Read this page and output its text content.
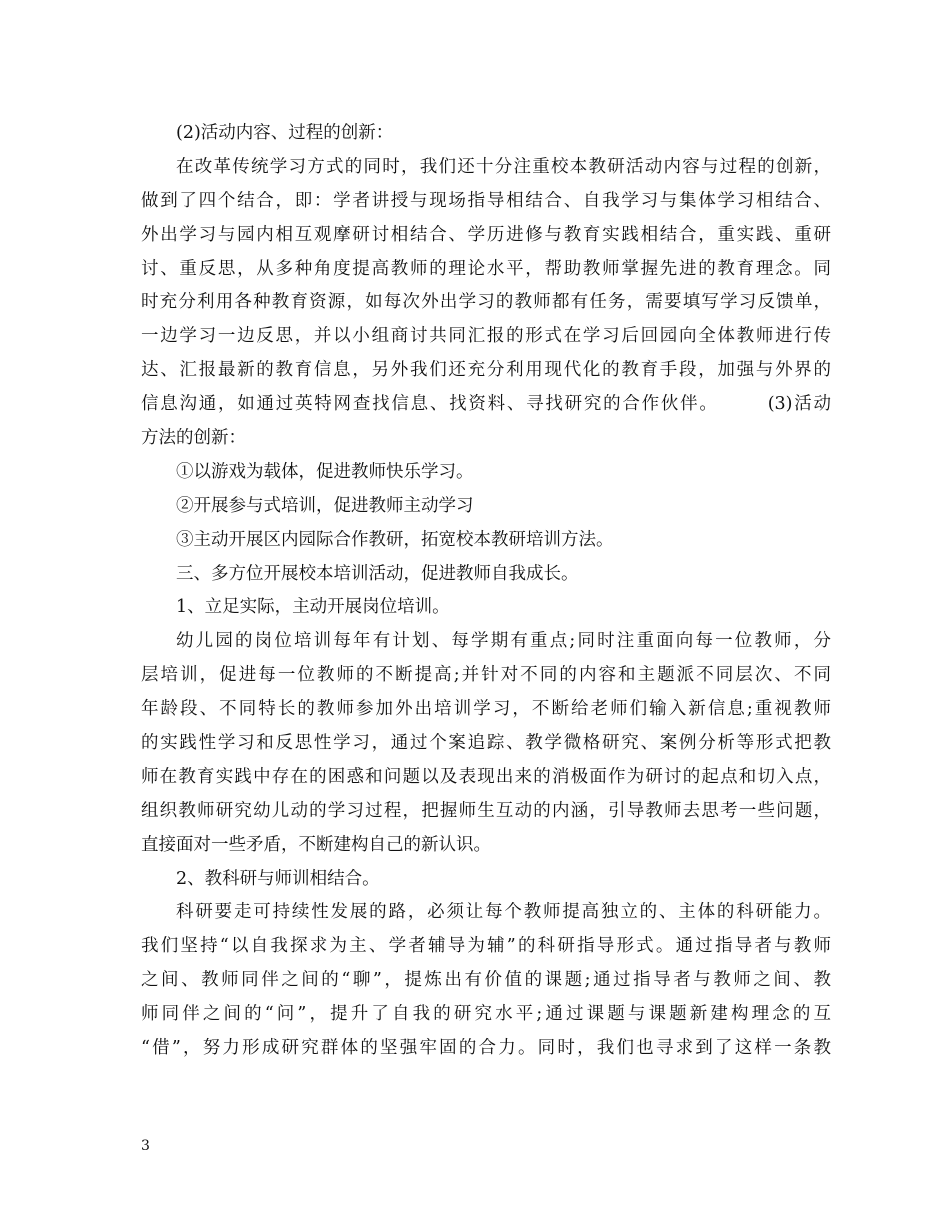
(2)活动内容、过程的创新：
在改革传统学习方式的同时，我们还十分注重校本教研活动内容与过程的创新，
做到了四个结合，即：学者讲授与现场指导相结合、自我学习与集体学习相结合、
外出学习与园内相互观摩研讨相结合、学历进修与教育实践相结合，重实践、重研
讨、重反思，从多种角度提高教师的理论水平，帮助教师掌握先进的教育理念。同
时充分利用各种教育资源，如每次外出学习的教师都有任务，需要填写学习反馈单，
一边学习一边反思，并以小组商讨共同汇报的形式在学习后回园向全体教师进行传
达、汇报最新的教育信息，另外我们还充分利用现代化的教育手段，加强与外界的
信息沟通，如通过英特网查找信息、找资料、寻找研究的合作伙伴。　　　(3)活动
方法的创新：
①以游戏为载体，促进教师快乐学习。
②开展参与式培训，促进教师主动学习
③主动开展区内园际合作教研，拓宽校本教研培训方法。
三、多方位开展校本培训活动，促进教师自我成长。
1、立足实际，主动开展岗位培训。
幼儿园的岗位培训每年有计划、每学期有重点;同时注重面向每一位教师，分
层培训，促进每一位教师的不断提高;并针对不同的内容和主题派不同层次、不同
年龄段、不同特长的教师参加外出培训学习，不断给老师们输入新信息;重视教师
的实践性学习和反思性学习，通过个案追踪、教学微格研究、案例分析等形式把教
师在教育实践中存在的困惑和问题以及表现出来的消极面作为研讨的起点和切入点，
组织教师研究幼儿动的学习过程，把握师生互动的内涵，引导教师去思考一些问题，
直接面对一些矛盾，不断建构自己的新认识。
2、教科研与师训相结合。
科研要走可持续性发展的路，必须让每个教师提高独立的、主体的科研能力。
我们坚持“以自我探求为主、学者辅导为辅”的科研指导形式。通过指导者与教师
之间、教师同伴之间的“聊”，提炼出有价值的课题;通过指导者与教师之间、教
师同伴之间的“问”，提升了自我的研究水平;通过课题与课题新建构理念的互
“借”，努力形成研究群体的坚强牢固的合力。同时，我们也寻求到了这样一条教
3
